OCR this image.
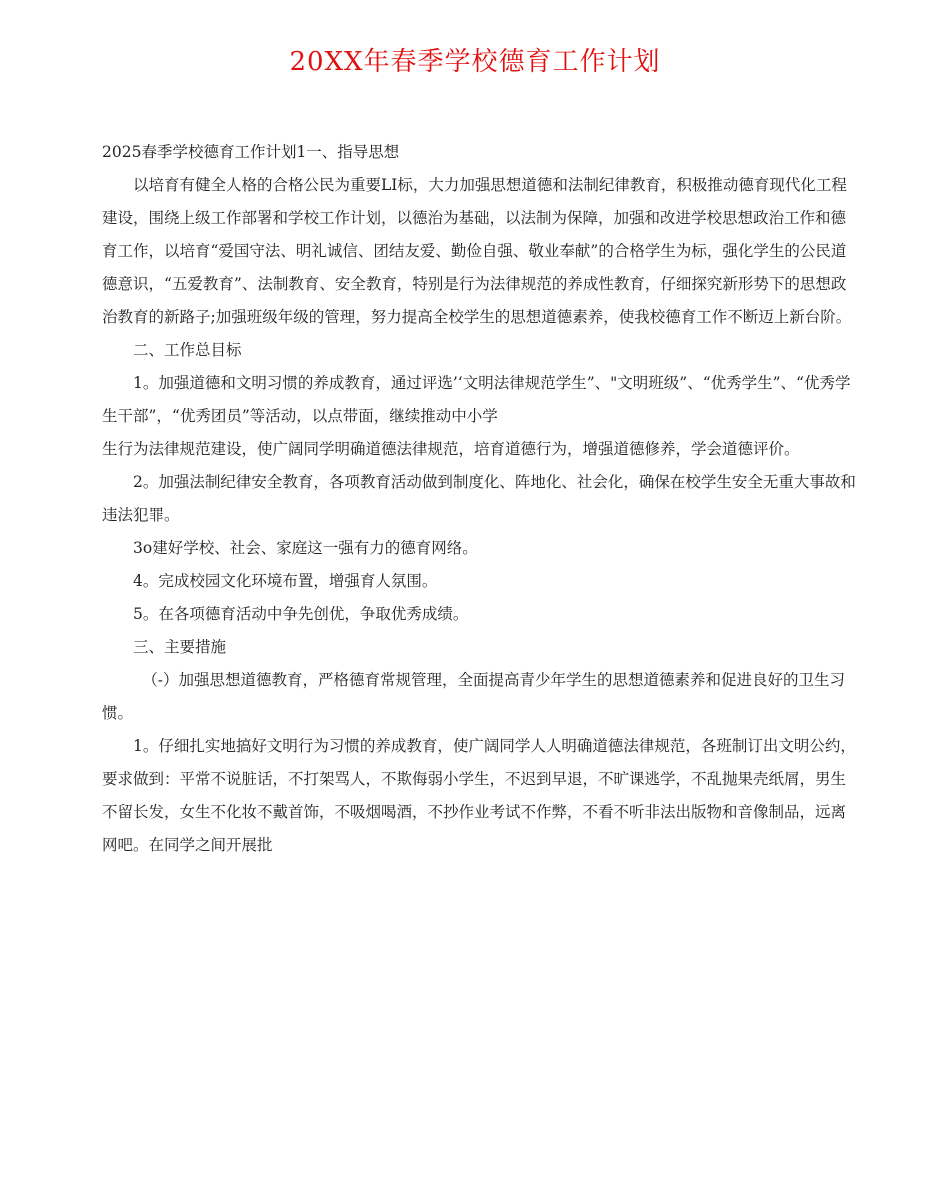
20XX年春季学校德育工作计划

2025春季学校德育工作计划1一、指导思想

以培育有健全人格的合格公民为重要LI标，大力加强思想道德和法制纪律教育，积极推动德育现代化工程建设，围绕上级工作部署和学校工作计划，以德治为基础，以法制为保障，加强和改进学校思想政治工作和德育工作，以培育“爱国守法、明礼诚信、团结友爱、勤俭自强、敬业奉献”的合格学生为标，强化学生的公民道德意识，“五爱教育”、法制教育、安全教育，特别是行为法律规范的养成性教育，仔细探究新形势下的思想政治教育的新路子;加强班级年级的管理，努力提高全校学生的思想道德素养，使我校德育工作不断迈上新台阶。

二、工作总目标

1。加强道德和文明习惯的养成教育，通过评选’‘文明法律规范学生”、"文明班级”、“优秀学生”、“优秀学生干部”，“优秀团员”等活动，以点带面，继续推动中小学

生行为法律规范建设，使广阔同学明确道德法律规范，培育道德行为，增强道德修养，学会道德评价。

2。加强法制纪律安全教育，各项教育活动做到制度化、阵地化、社会化，确保在校学生安全无重大事故和违法犯罪。

3o建好学校、社会、家庭这一强有力的德育网络。

4。完成校园文化环境布置，增强育人氛围。

5。在各项德育活动中争先创优，争取优秀成绩。

三、主要措施

（-）加强思想道德教育，严格德育常规管理，全面提高青少年学生的思想道德素养和促进良好的卫生习惯。

1。仔细扎实地搞好文明行为习惯的养成教育，使广阔同学人人明确道德法律规范，各班制订出文明公约，要求做到：平常不说脏话，不打架骂人，不欺侮弱小学生，不迟到早退，不旷课逃学，不乱抛果壳纸屑，男生不留长发，女生不化妆不戴首饰，不吸烟喝酒，不抄作业考试不作弊，不看不听非法出版物和音像制品，远离网吧。在同学之间开展批
